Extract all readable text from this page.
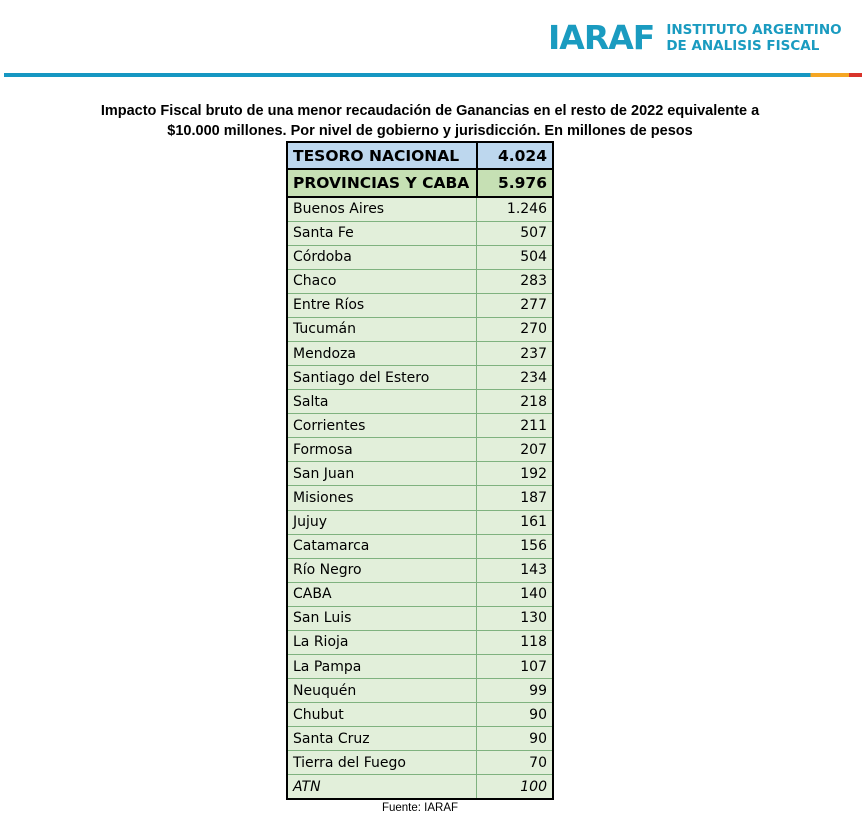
IARAF INSTITUTO ARGENTINO
DE ANALISIS FISCAL
Impacto Fiscal bruto de una menor recaudación de Ganancias en el resto de 2022 equivalente a
$10.000 millones. Por nivel de gobierno y jurisdicción. En millones de pesos
TESORO NACIONAL	4.024
PROVINCIAS Y CABA	5.976
Buenos Aires	1.246
Santa Fe	507
Córdoba	504
Chaco	283
Entre Ríos	277
Tucumán	270
Mendoza	237
Santiago del Estero	234
Salta	218
Corrientes	211
Formosa	207
San Juan	192
Misiones	187
Jujuy	161
Catamarca	156
Río Negro	143
CABA	140
San Luis	130
La Rioja	118
La Pampa	107
Neuquén	99
Chubut	90
Santa Cruz	90
Tierra del Fuego	70
ATN	100
Fuente: IARAF
